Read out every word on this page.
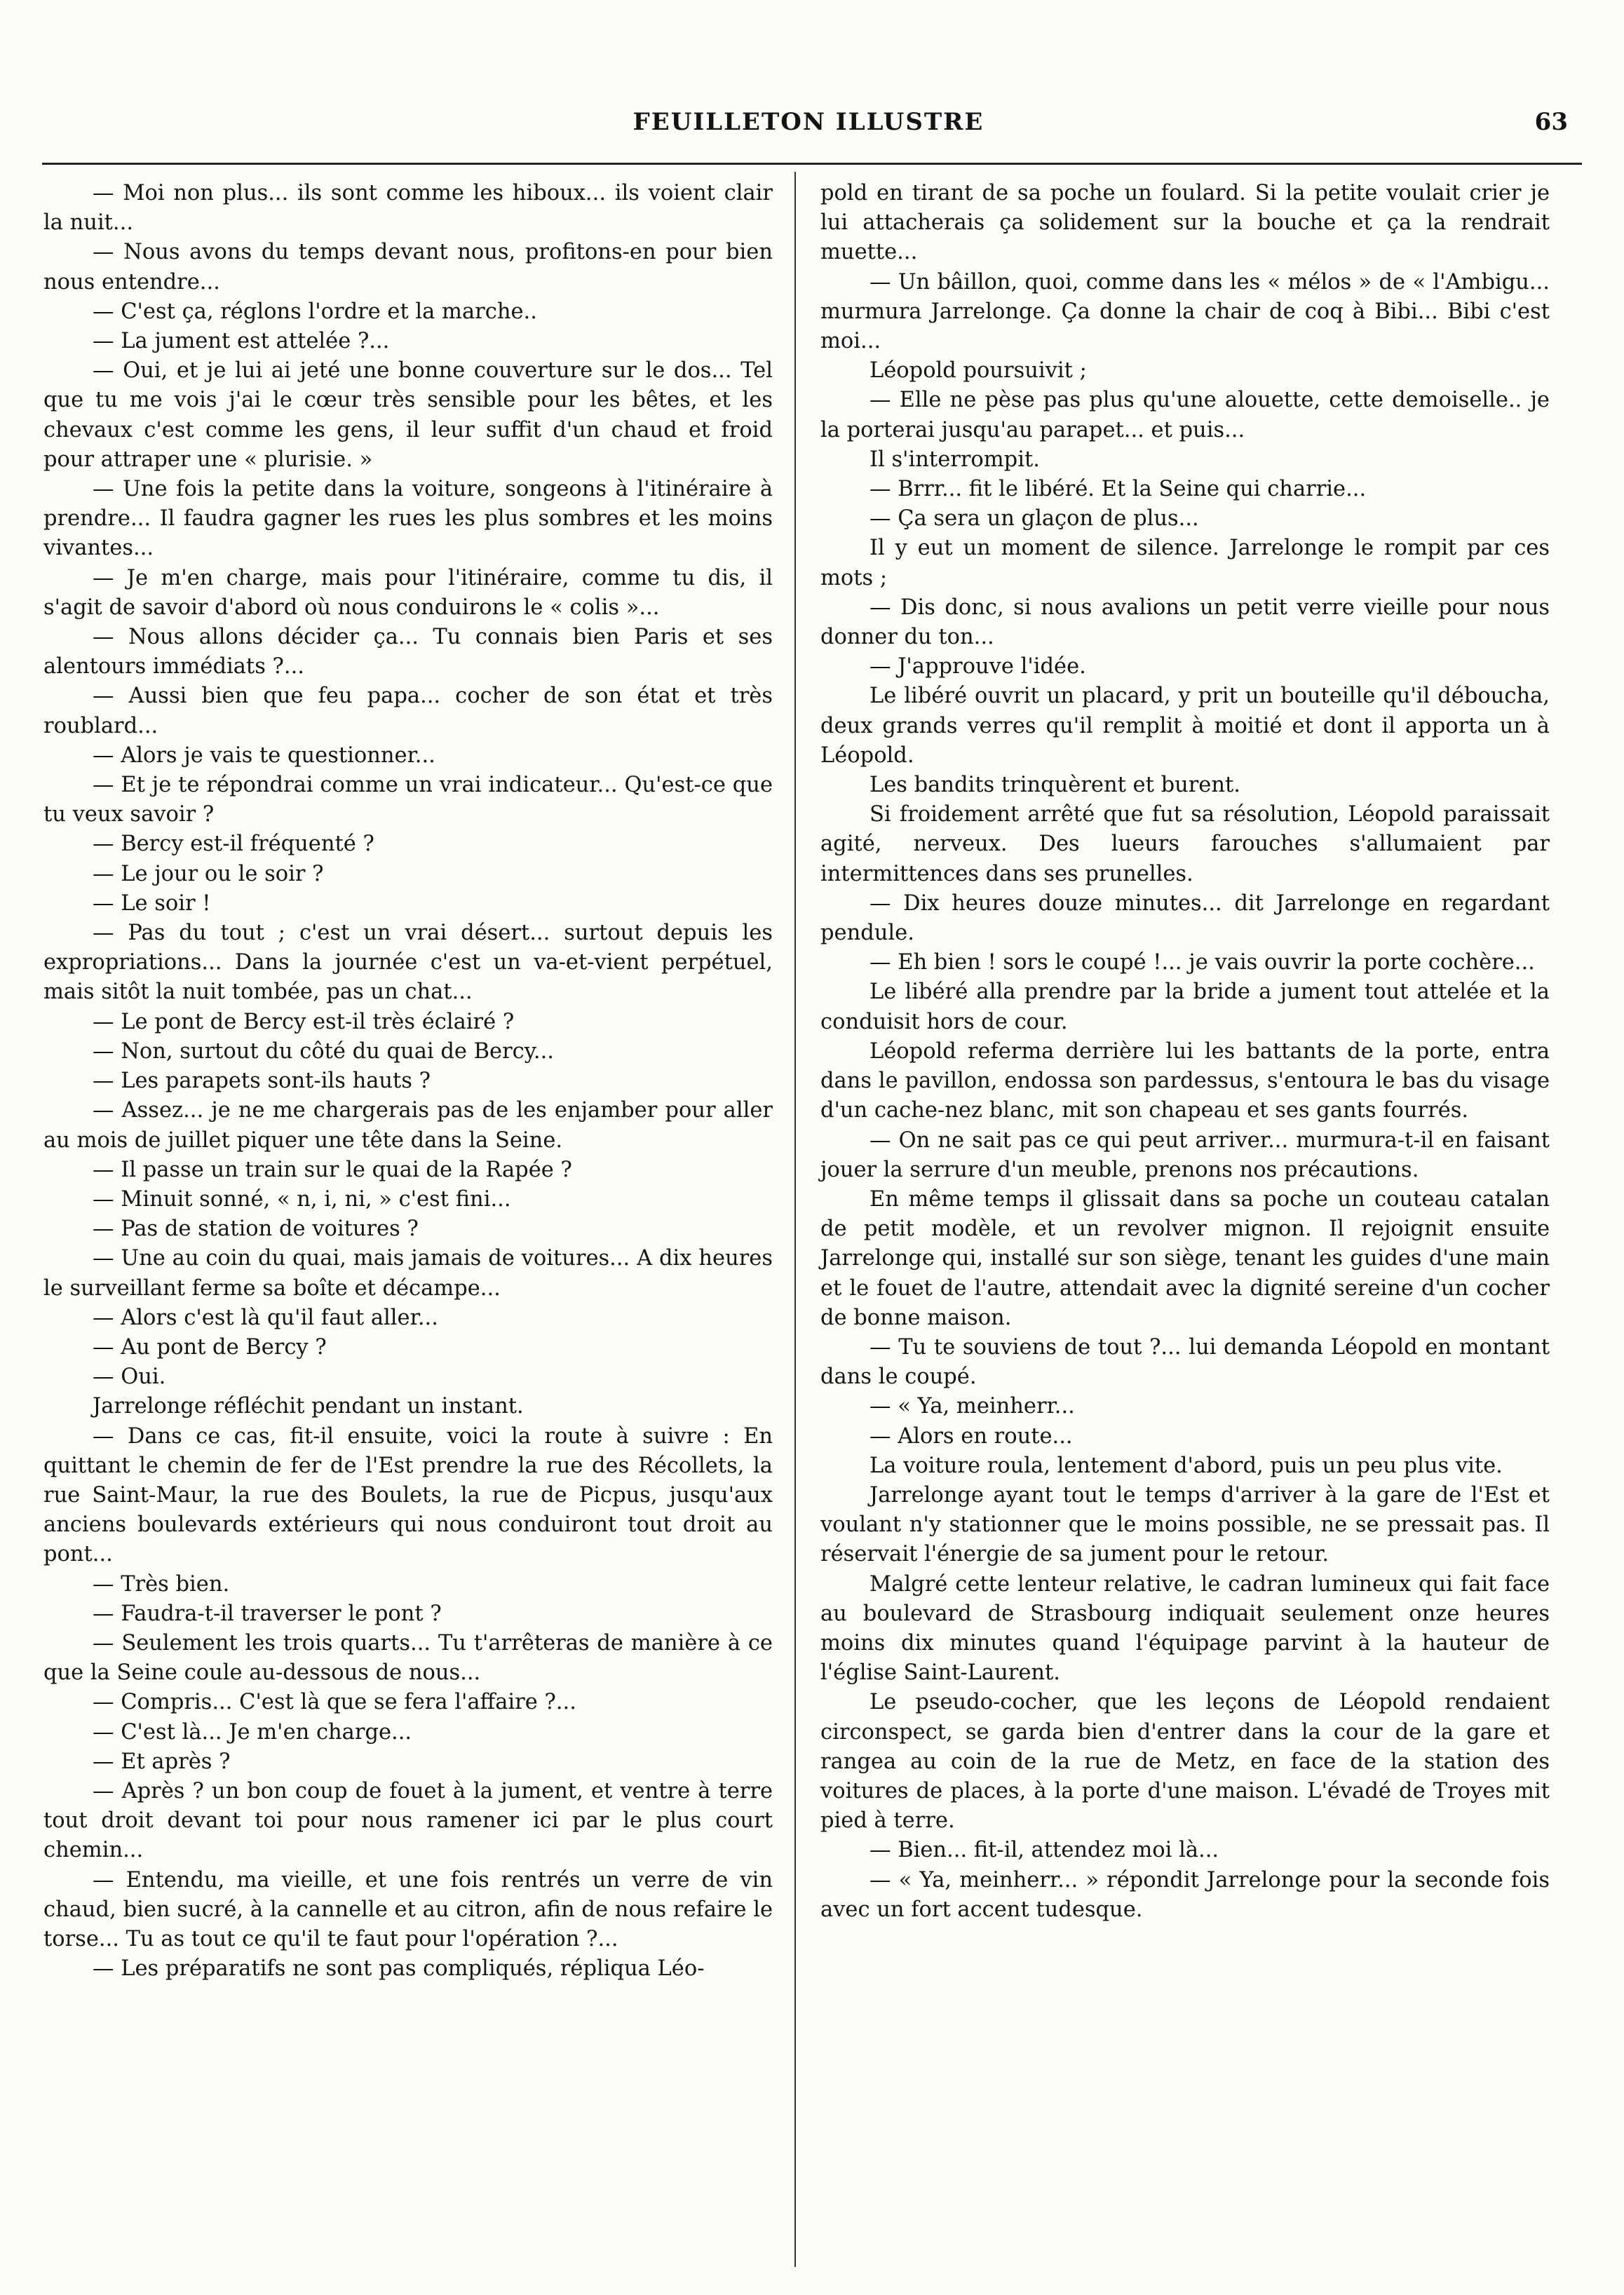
FEUILLETON ILLUSTRE	63

— Moi non plus... ils sont comme les hiboux... ils voient clair la nuit...

— Nous avons du temps devant nous, profitons-en pour bien nous entendre...

— C'est ça, réglons l'ordre et la marche..

— La jument est attelée ?...

— Oui, et je lui ai jeté une bonne couverture sur le dos... Tel que tu me vois j'ai le cœur très sensible pour les bêtes, et les chevaux c'est comme les gens, il leur suffit d'un chaud et froid pour attraper une « plurisie. »

— Une fois la petite dans la voiture, songeons à l'itinéraire à prendre... Il faudra gagner les rues les plus sombres et les moins vivantes...

— Je m'en charge, mais pour l'itinéraire, comme tu dis, il s'agit de savoir d'abord où nous conduirons le « colis »...

— Nous allons décider ça... Tu connais bien Paris et ses alentours immédiats ?...

— Aussi bien que feu papa... cocher de son état et très roublard...

— Alors je vais te questionner...

— Et je te répondrai comme un vrai indicateur... Qu'est-ce que tu veux savoir ?

— Bercy est-il fréquenté ?

— Le jour ou le soir ?

— Le soir !

— Pas du tout ; c'est un vrai désert... surtout depuis les expropriations... Dans la journée c'est un va-et-vient perpétuel, mais sitôt la nuit tombée, pas un chat...

— Le pont de Bercy est-il très éclairé ?

— Non, surtout du côté du quai de Bercy...

— Les parapets sont-ils hauts ?

— Assez... je ne me chargerais pas de les enjamber pour aller au mois de juillet piquer une tête dans la Seine.

— Il passe un train sur le quai de la Rapée ?

— Minuit sonné, « n, i, ni, » c'est fini...

— Pas de station de voitures ?

— Une au coin du quai, mais jamais de voitures... A dix heures le surveillant ferme sa boîte et décampe...

— Alors c'est là qu'il faut aller...

— Au pont de Bercy ?

— Oui.

Jarrelonge réfléchit pendant un instant.

— Dans ce cas, fit-il ensuite, voici la route à suivre : En quittant le chemin de fer de l'Est prendre la rue des Récollets, la rue Saint-Maur, la rue des Boulets, la rue de Picpus, jusqu'aux anciens boulevards extérieurs qui nous conduiront tout droit au pont...

— Très bien.

— Faudra-t-il traverser le pont ?

— Seulement les trois quarts... Tu t'arrêteras de manière à ce que la Seine coule au-dessous de nous...

— Compris... C'est là que se fera l'affaire ?...

— C'est là... Je m'en charge...

— Et après ?

— Après ? un bon coup de fouet à la jument, et ventre à terre tout droit devant toi pour nous ramener ici par le plus court chemin...

— Entendu, ma vieille, et une fois rentrés un verre de vin chaud, bien sucré, à la cannelle et au citron, afin de nous refaire le torse... Tu as tout ce qu'il te faut pour l'opération ?...

— Les préparatifs ne sont pas compliqués, répliqua Léo-

pold en tirant de sa poche un foulard. Si la petite voulait crier je lui attacherais ça solidement sur la bouche et ça la rendrait muette...

— Un bâillon, quoi, comme dans les « mélos » de « l'Ambigu... murmura Jarrelonge. Ça donne la chair de coq à Bibi... Bibi c'est moi...

Léopold poursuivit ;

— Elle ne pèse pas plus qu'une alouette, cette demoiselle.. je la porterai jusqu'au parapet... et puis...

Il s'interrompit.

— Brrr... fit le libéré. Et la Seine qui charrie...

— Ça sera un glaçon de plus...

Il y eut un moment de silence. Jarrelonge le rompit par ces mots ;

— Dis donc, si nous avalions un petit verre vieille pour nous donner du ton...

— J'approuve l'idée.

Le libéré ouvrit un placard, y prit un bouteille qu'il déboucha, deux grands verres qu'il remplit à moitié et dont il apporta un à Léopold.

Les bandits trinquèrent et burent.

Si froidement arrêté que fut sa résolution, Léopold paraissait agité, nerveux. Des lueurs farouches s'allumaient par intermittences dans ses prunelles.

— Dix heures douze minutes... dit Jarrelonge en regardant pendule.

— Eh bien ! sors le coupé !... je vais ouvrir la porte cochère...

Le libéré alla prendre par la bride a jument tout attelée et la conduisit hors de cour.

Léopold referma derrière lui les battants de la porte, entra dans le pavillon, endossa son pardessus, s'entoura le bas du visage d'un cache-nez blanc, mit son chapeau et ses gants fourrés.

— On ne sait pas ce qui peut arriver... murmura-t-il en faisant jouer la serrure d'un meuble, prenons nos précautions.

En même temps il glissait dans sa poche un couteau catalan de petit modèle, et un revolver mignon. Il rejoignit ensuite Jarrelonge qui, installé sur son siège, tenant les guides d'une main et le fouet de l'autre, attendait avec la dignité sereine d'un cocher de bonne maison.

— Tu te souviens de tout ?... lui demanda Léopold en montant dans le coupé.

— « Ya, meinherr...

— Alors en route...

La voiture roula, lentement d'abord, puis un peu plus vite.

Jarrelonge ayant tout le temps d'arriver à la gare de l'Est et voulant n'y stationner que le moins possible, ne se pressait pas. Il réservait l'énergie de sa jument pour le retour.

Malgré cette lenteur relative, le cadran lumineux qui fait face au boulevard de Strasbourg indiquait seulement onze heures moins dix minutes quand l'équipage parvint à la hauteur de l'église Saint-Laurent.

Le pseudo-cocher, que les leçons de Léopold rendaient circonspect, se garda bien d'entrer dans la cour de la gare et rangea au coin de la rue de Metz, en face de la station des voitures de places, à la porte d'une maison. L'évadé de Troyes mit pied à terre.

— Bien... fit-il, attendez moi là...

— « Ya, meinherr... » répondit Jarrelonge pour la seconde fois avec un fort accent tudesque.
